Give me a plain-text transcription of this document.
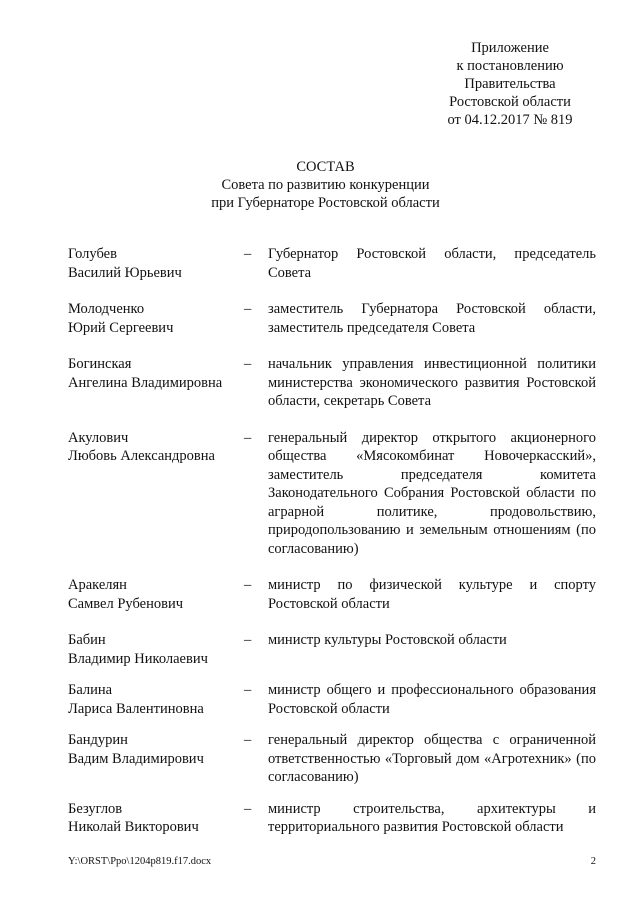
Приложение
к постановлению
Правительства
Ростовской области
от 04.12.2017 № 819
СОСТАВ
Совета по развитию конкуренции
при Губернаторе Ростовской области
Голубев
Василий Юрьевич
–	Губернатор Ростовской области, председатель Совета
Молодченко
Юрий Сергеевич
–	заместитель Губернатора Ростовской области, заместитель председателя Совета
Богинская
Ангелина Владимировна
–	начальник управления инвестиционной политики министерства экономического развития Ростовской области, секретарь Совета
Акулович
Любовь Александровна
–	генеральный директор открытого акционерного общества «Мясокомбинат Новочеркасский», заместитель председателя комитета Законодательного Собрания Ростовской области по аграрной политике, продовольствию, природопользованию и земельным отношениям (по согласованию)
Аракелян
Самвел Рубенович
–	министр по физической культуре и спорту Ростовской области
Бабин
Владимир Николаевич
–	министр культуры Ростовской области
Балина
Лариса Валентиновна
–	министр общего и профессионального образования Ростовской области
Бандурин
Вадим Владимирович
–	генеральный директор общества с ограниченной ответственностью «Торговый дом «Агротехник» (по согласованию)
Безуглов
Николай Викторович
–	министр строительства, архитектуры и территориального развития Ростовской области
Y:\ORST\Ppo\1204p819.f17.docx	2
